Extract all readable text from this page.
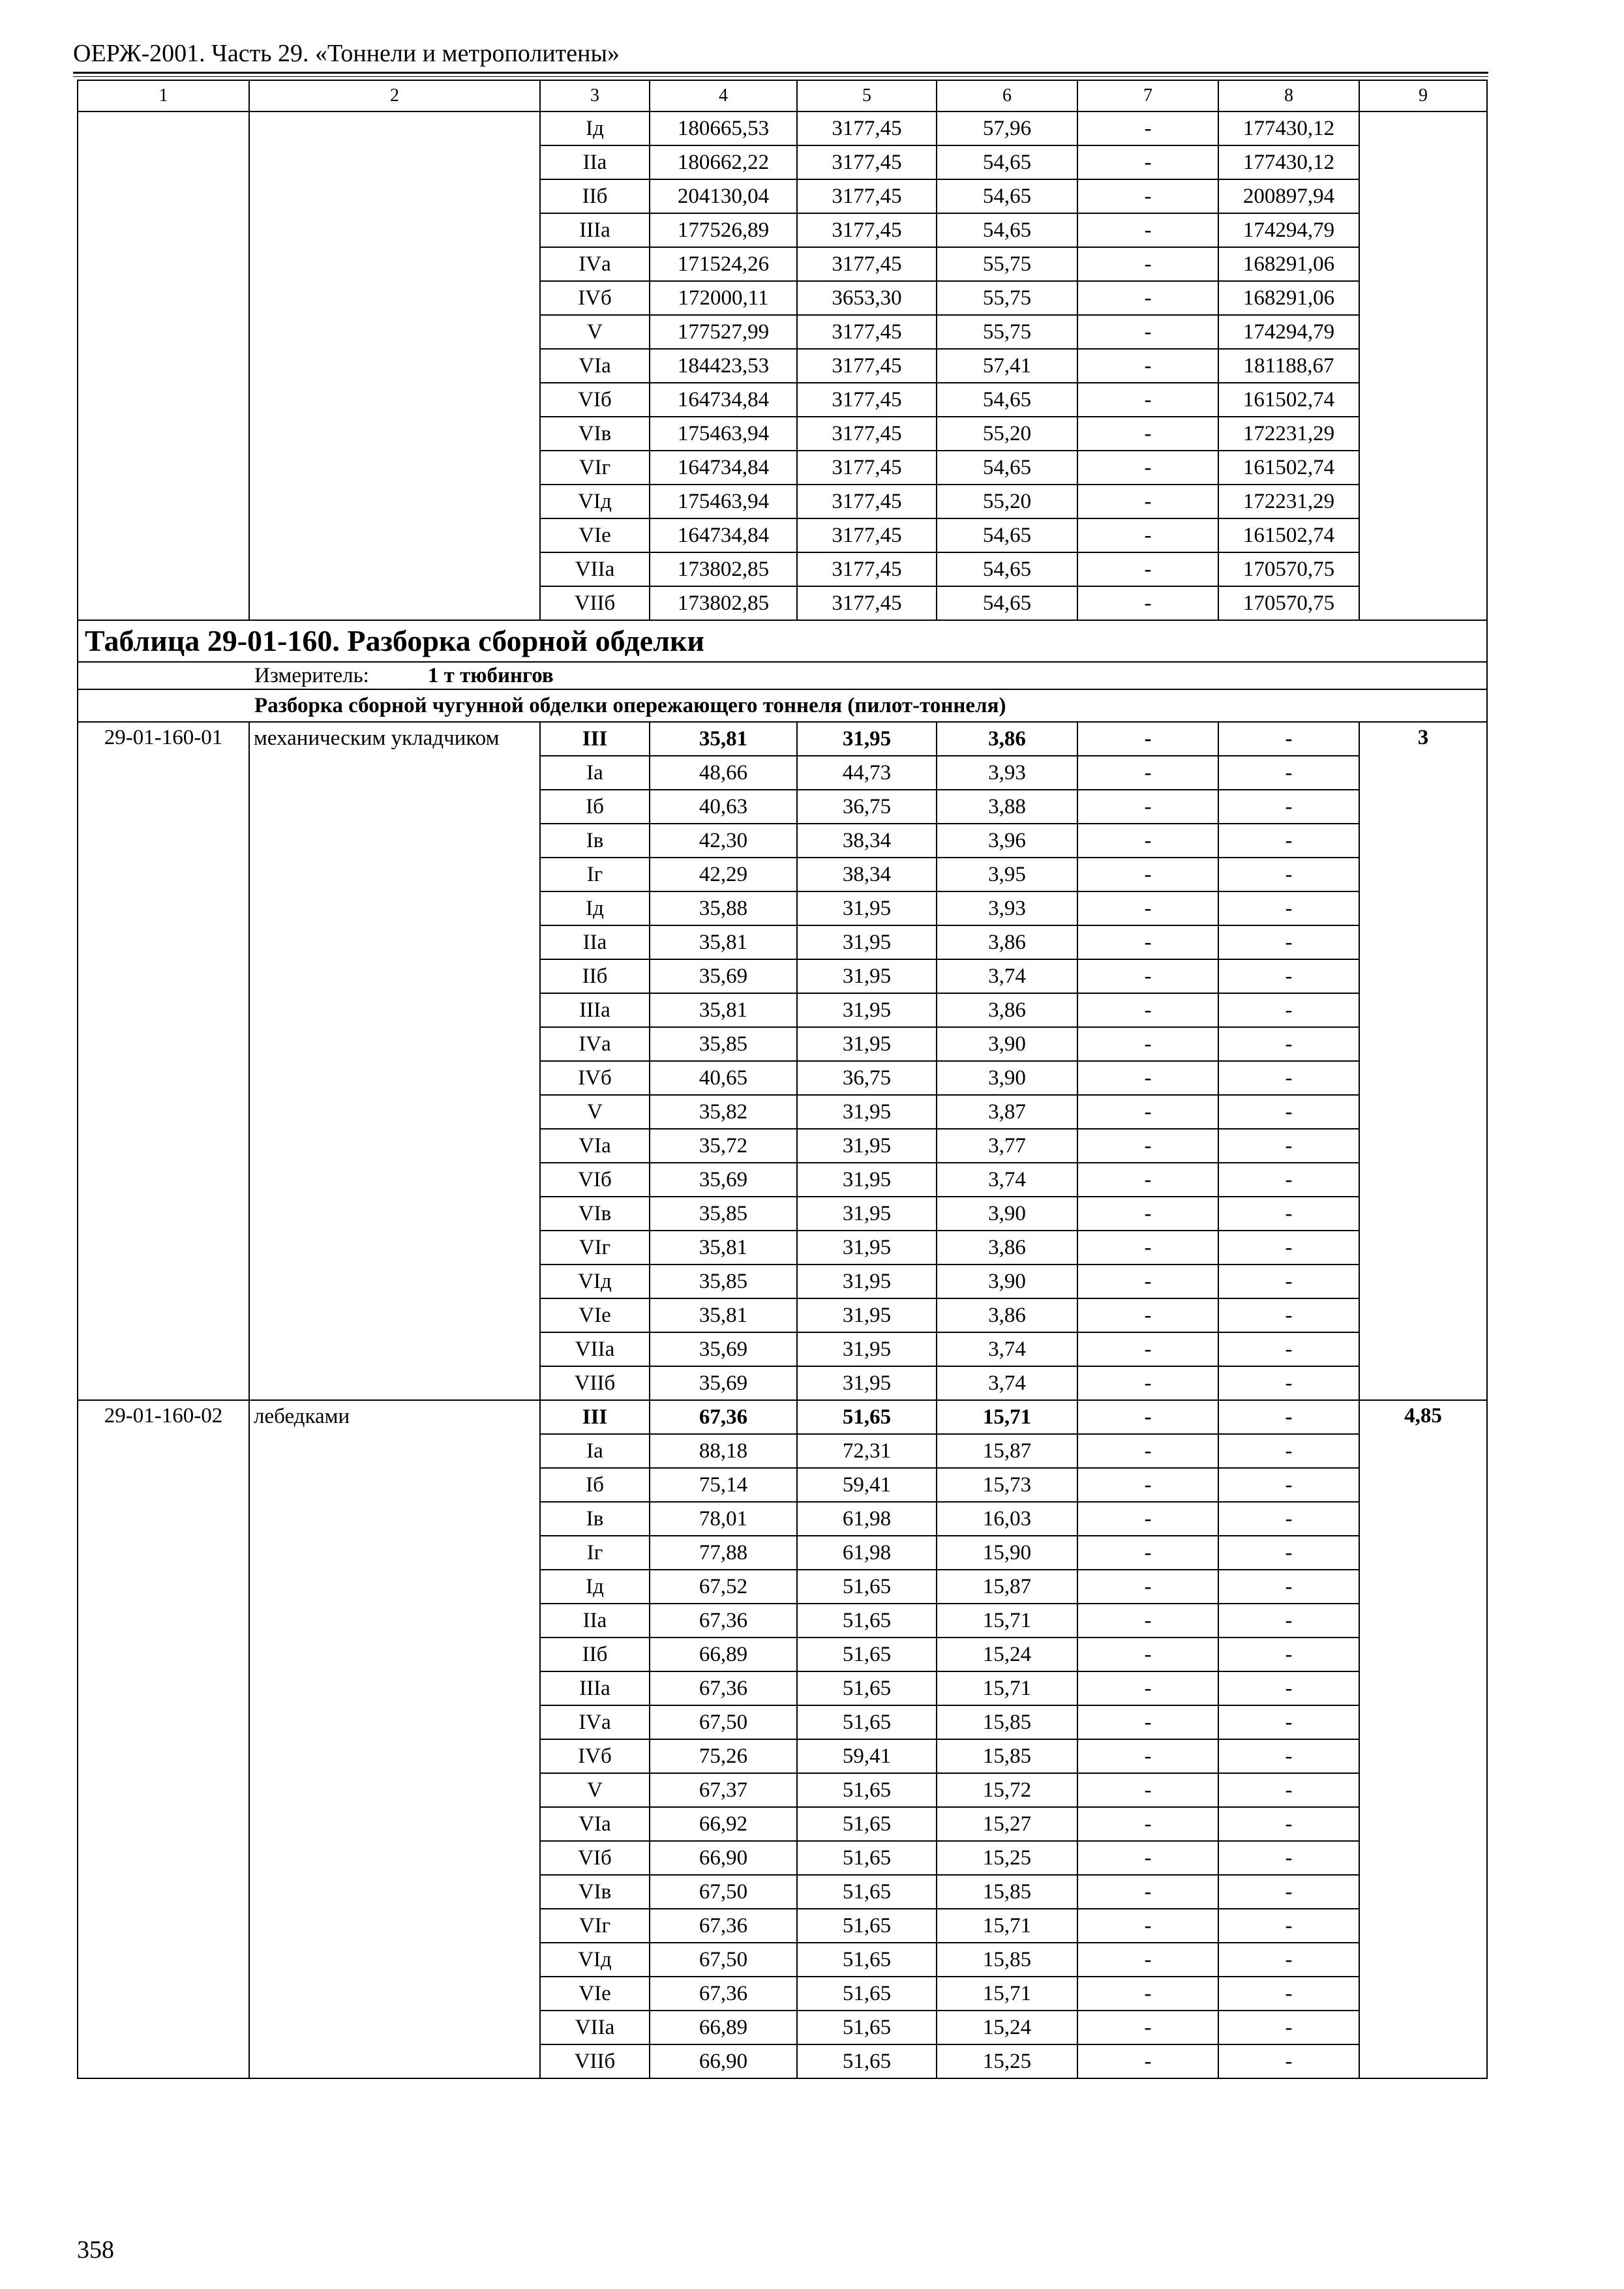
ОЕРЖ-2001. Часть 29. «Тоннели и метрополитены»
1	2	3	4	5	6	7	8	9
		Iд	180665,53	3177,45	57,96	-	177430,12	
		IIа	180662,22	3177,45	54,65	-	177430,12	
		IIб	204130,04	3177,45	54,65	-	200897,94	
		IIIа	177526,89	3177,45	54,65	-	174294,79	
		IVа	171524,26	3177,45	55,75	-	168291,06	
		IVб	172000,11	3653,30	55,75	-	168291,06	
		V	177527,99	3177,45	55,75	-	174294,79	
		VIа	184423,53	3177,45	57,41	-	181188,67	
		VIб	164734,84	3177,45	54,65	-	161502,74	
		VIв	175463,94	3177,45	55,20	-	172231,29	
		VIг	164734,84	3177,45	54,65	-	161502,74	
		VIд	175463,94	3177,45	55,20	-	172231,29	
		VIе	164734,84	3177,45	54,65	-	161502,74	
		VIIа	173802,85	3177,45	54,65	-	170570,75	
		VIIб	173802,85	3177,45	54,65	-	170570,75	
Таблица 29-01-160. Разборка сборной обделки								
Измеритель: 1 т тюбингов								
Разборка сборной чугунной обделки опережающего тоннеля (пилот-тоннеля)								
29-01-160-01	механическим укладчиком	III	35,81	31,95	3,86	-	-	3
		Iа	48,66	44,73	3,93	-	-	
		Iб	40,63	36,75	3,88	-	-	
		Iв	42,30	38,34	3,96	-	-	
		Iг	42,29	38,34	3,95	-	-	
		Iд	35,88	31,95	3,93	-	-	
		IIа	35,81	31,95	3,86	-	-	
		IIб	35,69	31,95	3,74	-	-	
		IIIа	35,81	31,95	3,86	-	-	
		IVа	35,85	31,95	3,90	-	-	
		IVб	40,65	36,75	3,90	-	-	
		V	35,82	31,95	3,87	-	-	
		VIа	35,72	31,95	3,77	-	-	
		VIб	35,69	31,95	3,74	-	-	
		VIв	35,85	31,95	3,90	-	-	
		VIг	35,81	31,95	3,86	-	-	
		VIд	35,85	31,95	3,90	-	-	
		VIе	35,81	31,95	3,86	-	-	
		VIIа	35,69	31,95	3,74	-	-	
		VIIб	35,69	31,95	3,74	-	-	
29-01-160-02	лебедками	III	67,36	51,65	15,71	-	-	4,85
		Iа	88,18	72,31	15,87	-	-	
		Iб	75,14	59,41	15,73	-	-	
		Iв	78,01	61,98	16,03	-	-	
		Iг	77,88	61,98	15,90	-	-	
		Iд	67,52	51,65	15,87	-	-	
		IIа	67,36	51,65	15,71	-	-	
		IIб	66,89	51,65	15,24	-	-	
		IIIа	67,36	51,65	15,71	-	-	
		IVа	67,50	51,65	15,85	-	-	
		IVб	75,26	59,41	15,85	-	-	
		V	67,37	51,65	15,72	-	-	
		VIа	66,92	51,65	15,27	-	-	
		VIб	66,90	51,65	15,25	-	-	
		VIв	67,50	51,65	15,85	-	-	
		VIг	67,36	51,65	15,71	-	-	
		VIд	67,50	51,65	15,85	-	-	
		VIе	67,36	51,65	15,71	-	-	
		VIIа	66,89	51,65	15,24	-	-	
		VIIб	66,90	51,65	15,25	-	-	
358
